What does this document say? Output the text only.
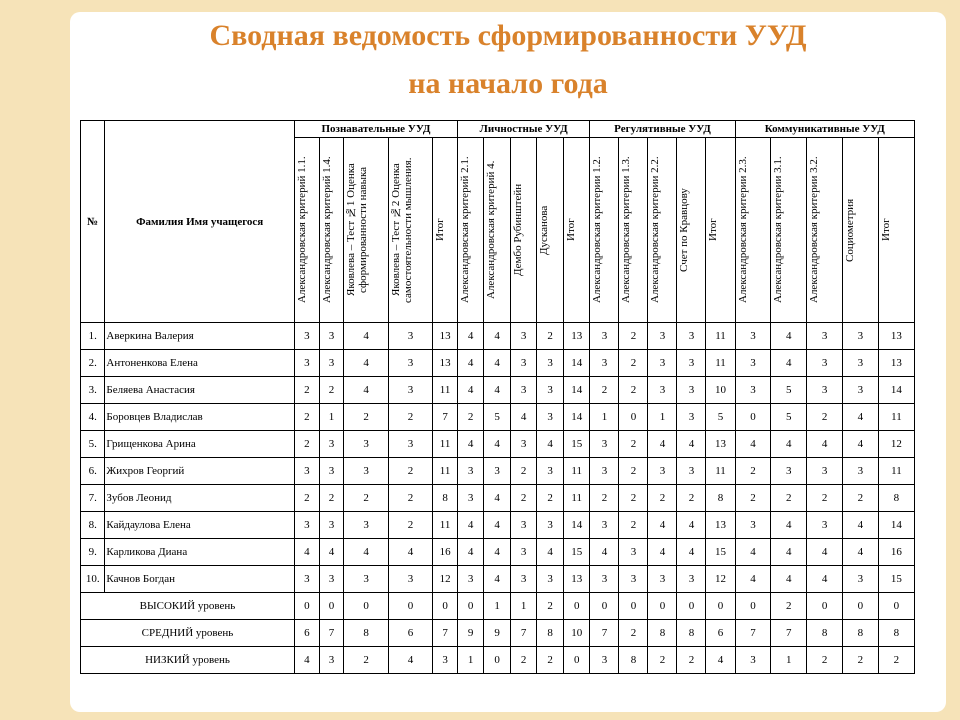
Сводная ведомость сформированности УУД
на начало года
№	Фамилия Имя учащегося	Познавательные УУД					Личностные УУД					Регулятивные УУД					Коммуникативные УУД				

		Александровская критерий 1.1.	Александровская критерий 1.4.	Яковлева – Тест №1 Оценка сформированности навыка	Яковлева – Тест №2 Оценка самостоятельности мышления.	Итог	Александровская критерий 2.1.	Александровская критерий 4.	Дембо Рубинштейн	Дусканова	Итог	Александровская критерии 1.2.	Александровская критерии 1.3.	Александровская критерии 2.2.	Счет по Кравцову	Итог	Александровская критерии 2.3.	Александровская критерии 3.1.	Александровская критерии 3.2.	Социометрия	Итог

1.	Аверкина Валерия	3	3	4	3	13	4	4	3	2	13	3	2	3	3	11	3	4	3	3	13
2.	Антоненкова Елена	3	3	4	3	13	4	4	3	3	14	3	2	3	3	11	3	4	3	3	13
3.	Беляева Анастасия	2	2	4	3	11	4	4	3	3	14	2	2	3	3	10	3	5	3	3	14
4.	Боровцев Владислав	2	1	2	2	7	2	5	4	3	14	1	0	1	3	5	0	5	2	4	11
5.	Грищенкова Арина	2	3	3	3	11	4	4	3	4	15	3	2	4	4	13	4	4	4	4	12
6.	Жихров Георгий	3	3	3	2	11	3	3	2	3	11	3	2	3	3	11	2	3	3	3	11
7.	Зубов Леонид	2	2	2	2	8	3	4	2	2	11	2	2	2	2	8	2	2	2	2	8
8.	Кайдаулова Елена	3	3	3	2	11	4	4	3	3	14	3	2	4	4	13	3	4	3	4	14
9.	Карликова Диана	4	4	4	4	16	4	4	3	4	15	4	3	4	4	15	4	4	4	4	16
10.	Качнов Богдан	3	3	3	3	12	3	4	3	3	13	3	3	3	3	12	4	4	4	3	15
ВЫСОКИЙ уровень		0	0	0	0	0	0	1	1	2	0	0	0	0	0	0	0	2	0	0	0
СРЕДНИЙ уровень		6	7	8	6	7	9	9	7	8	10	7	2	8	8	6	7	7	8	8	8
НИЗКИЙ уровень		4	3	2	4	3	1	0	2	2	0	3	8	2	2	4	3	1	2	2	2
